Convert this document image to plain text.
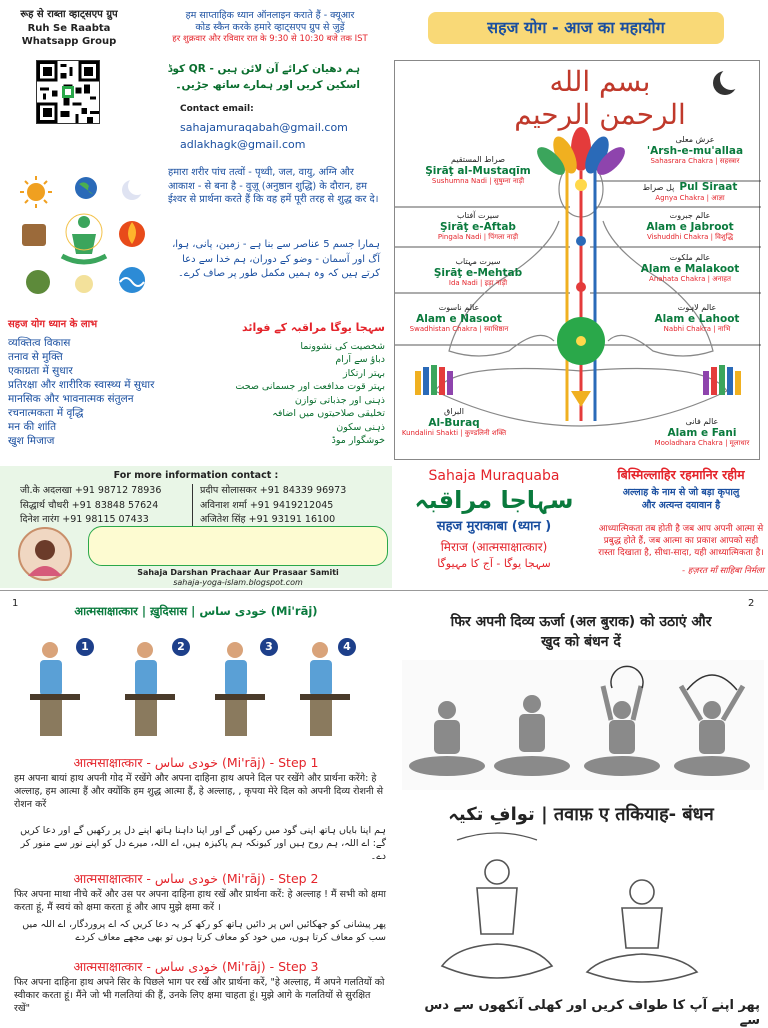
रूह से राब्ता व्हाट्सएप ग्रुप
Ruh Se Raabta
Whatsapp Group
हम साप्ताहिक ध्यान ऑनलाइन कराते हैं - क्यूआर
कोड स्कैन करके हमारे व्हाट्सएप ग्रुप से जुड़ें
हर शुक्रवार और रविवार रात के 9:30 से 10:30 बजे तक IST
ہم دھیان کرائے آن لائن ہیں - QR کوڈ
اسکین کریں اور ہمارے ساتھ جڑیں۔
Contact email:
sahajamuraqabah@gmail.com
adlakhagk@gmail.com
हमारा शरीर पांच तत्वों - पृथ्वी, जल, वायु, अग्नि और आकाश - से बना है - वुज़ू (अनुष्ठान शुद्धि) के दौरान, हम ईश्वर से प्रार्थना करते हैं कि वह हमें पूरी तरह से शुद्ध कर दे।
ہمارا جسم 5 عناصر سے بنا ہے - زمین، پانی، ہوا، آگ اور آسمان - وضو کے دوران، ہم خدا سے دعا کرتے ہیں کہ وہ ہمیں مکمل طور پر صاف کرے۔
सहज योग ध्यान के लाभ
व्यक्तित्व विकास
तनाव से मुक्ति
एकाग्रता में सुधार
प्रतिरक्षा और शारीरिक स्वास्थ्य में सुधार
मानसिक और भावनात्मक संतुलन
रचनात्मकता में वृद्धि
मन की शांति
खुश मिजाज
سہجا یوگا مراقبہ کے فوائد
شخصیت کی نشوونما
دباؤ سے آرام
بہتر ارتکاز
بہتر قوت مدافعت اور جسمانی صحت
ذہنی اور جذباتی توازن
تخلیقی صلاحیتوں میں اضافہ
ذہنی سکون
خوشگوار موڈ
For more information contact :
जी.के अदलखा +91 98712 78936
सिद्धार्थ चौधरी +91 83848 57624
दिनेश नारंग +91 98115 07433
प्रदीप सोलासकर +91 84339 96973
अविनाश शर्मा +91 9419212045
अजितेश सिंह +91 93191 16100
Sahaja Darshan Prachaar Aur Prasaar Samiti
sahaja-yoga-islam.blogspot.com
सहज योग - आज का महायोग
بسم الله الرحمن الرحيم
عرش معلی
'Arsh-e-mu'allaa
Sahasrara Chakra | सहस्त्रार
صراط المستقیم
Şirāţ al-Mustaqīm
Sushumna Nadi | सुषुम्ना नाड़ी
پل صراط Pul Siraat
Agnya Chakra | आज्ञा
عالم جبروت
Alam e Jabroot
Vishuddhi Chakra | विशुद्धि
سیرت آفتاب
Şirāţ e-Aftab
Pingala Nadi | पिंगला नाड़ी
عالم ملکوت
Alam e Malakoot
Anahata Chakra | अनाहत
سیرت مہتاب
Şirāţ e-Mehtab
Ida Nadi | इड़ा नाड़ी
عالم ناسوت
Alam e Nasoot
Swadhistan Chakra | स्वाधिष्ठान
عالم لاہوت
Alam e Lahoot
Nabhi Chakra | नाभि
البراق
Al-Buraq
Kundalini Shakti | कुण्डलिनी शक्ति
عالم فانی
Alam e Fani
Mooladhara Chakra | मूलाधार
Sahaja Muraquaba
سہاجا مراقبہ
सहज मुराकाबा (ध्यान )
मिराज (आत्मसाक्षात्कार)
سہجا یوگا - آج کا مہیوگا
बिस्मिल्लाहिर रहमानिर रहीम
अल्लाह के नाम से जो बड़ा कृपालु
और अत्यन्त दयावान है
आध्यात्मिकता तब होती है जब आप अपनी आत्मा से प्रबुद्ध होते हैं, जब आत्मा का प्रकाश आपको सही रास्ता दिखाता है, सीधा-सादा, यही आध्यात्मिकता है।
- हज़रत माँ साहिबा निर्मला
1
आत्मसाक्षात्कार | ख़ुदिसास | خودی ساس (Mi'rāj)
1	2	3	4
आत्मसाक्षात्कार - خودی ساس (Mi'rāj) - Step 1
हम अपना बायां हाथ अपनी गोद में रखेंगे और अपना दाहिना हाथ अपने दिल पर रखेंगे और प्रार्थना करेंगे: हे अल्लाह, हम आत्मा हैं और क्योंकि हम शुद्ध आत्मा हैं, हे अल्लाह, , कृपया मेरे दिल को अपनी दिव्य रोशनी से रोशन करें
ہم اپنا بایاں ہاتھ اپنی گود میں رکھیں گے اور اپنا داہنا ہاتھ اپنے دل پر رکھیں گے اور دعا کریں گے: اے اللہ، ہم روح ہیں اور کیونکہ ہم پاکیزہ ہیں، اے اللہ، میرے دل کو اپنے نور سے منور کر دے۔
आत्मसाक्षात्कार - خودی ساس (Mi'rāj) - Step 2
फिर अपना माथा नीचे करें और उस पर अपना दाहिना हाथ रखें और प्रार्थना करें: हे अल्लाह ! मैं सभी को क्षमा करता हूं, मैं स्वयं को क्षमा करता हूं और आप मुझे क्षमा करें ।
پھر پیشانی کو جھکائیں اس پر دائیں ہاتھ کو رکھ کر یہ دعا کریں کہ اے پروردگار، اے اللہ میں سب کو معاف کرتا ہوں، میں خود کو معاف کرتا ہوں تو بھی مجھے معاف کردے
आत्मसाक्षात्कार - خودی ساس (Mi'rāj) - Step 3
फिर अपना दाहिना हाथ अपने सिर के पिछले भाग पर रखें और प्रार्थना करें, "हे अल्लाह, मैं अपने गलतियों को स्वीकार करता हूं। मैंने जो भी गलतियां की हैं, उनके लिए क्षमा चाहता हूं। मुझे आगे के गलतियों से सुरक्षित रखें"
2
फिर अपनी दिव्य ऊर्जा (अल बुराक) को उठाएं और
खुद को बंधन दें
توافِ تکیہ | तवाफ़ ए तकियाह- बंधन
پھر اپنے آپ کا طواف کریں اور کھلی آنکھوں سے دس سے
